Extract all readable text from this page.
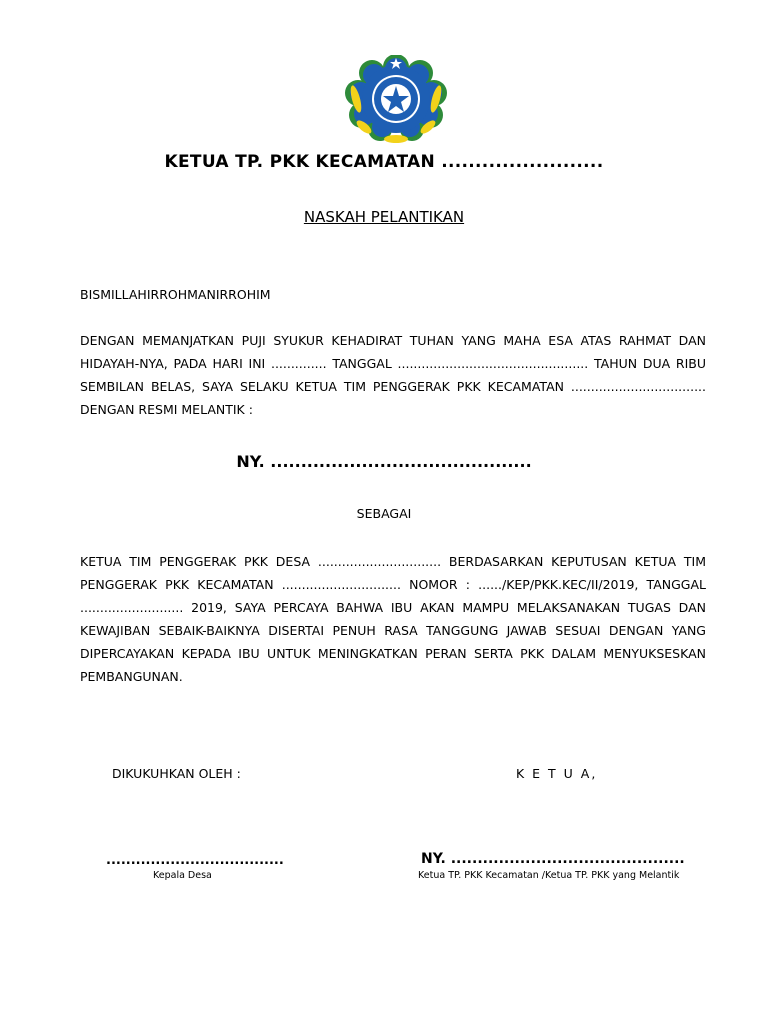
KETUA TP. PKK KECAMATAN ........................
NASKAH PELANTIKAN
BISMILLAHIRROHMANIRROHIM

DENGAN MEMANJATKAN PUJI SYUKUR KEHADIRAT TUHAN YANG MAHA ESA ATAS RAHMAT DAN HIDAYAH-NYA, PADA HARI INI .............. TANGGAL ................................................ TAHUN DUA RIBU SEMBILAN BELAS, SAYA SELAKU KETUA TIM PENGGERAK PKK KECAMATAN .................................. DENGAN RESMI MELANTIK :

NY. ...........................................
SEBAGAI

KETUA TIM PENGGERAK PKK DESA ............................... BERDASARKAN KEPUTUSAN KETUA TIM PENGGERAK PKK KECAMATAN .............................. NOMOR : ....../KEP/PKK.KEC/II/2019, TANGGAL .......................... 2019, SAYA PERCAYA BAHWA IBU AKAN MAMPU MELAKSANAKAN TUGAS DAN KEWAJIBAN SEBAIK-BAIKNYA DISERTAI PENUH RASA TANGGUNG JAWAB SESUAI DENGAN YANG DIPERCAYAKAN KEPADA IBU UNTUK MENINGKATKAN PERAN SERTA PKK DALAM MENYUKSESKAN PEMBANGUNAN.

DIKUKUHKAN OLEH :	K E T U A,
....................................	NY. ............................................
Kepala Desa	Ketua TP. PKK Kecamatan /Ketua TP. PKK yang Melantik
